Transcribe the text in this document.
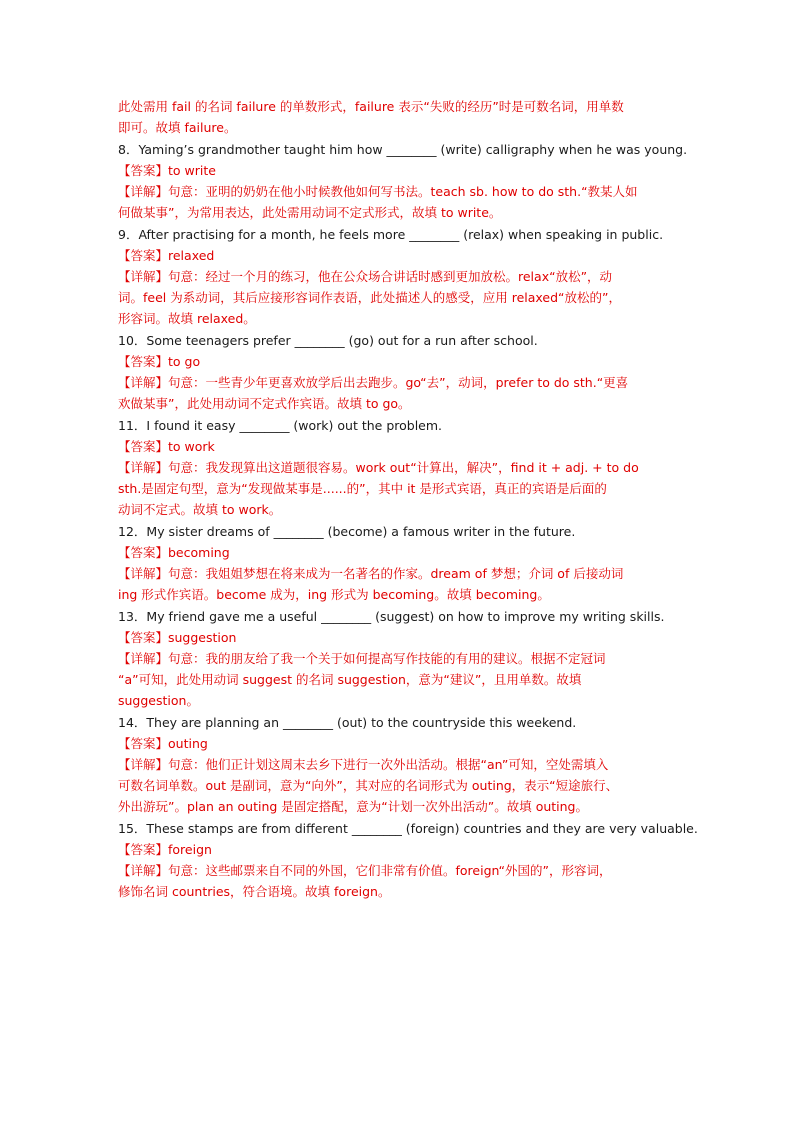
此处需用 fail 的名词 failure 的单数形式，failure 表示“失败的经历”时是可数名词，用单数
即可。故填 failure。
8．Yaming’s grandmother taught him how ________ (write) calligraphy when he was young.
【答案】to write
【详解】句意：亚明的奶奶在他小时候教他如何写书法。teach sb. how to do sth.“教某人如
何做某事”，为常用表达，此处需用动词不定式形式，故填 to write。
9．After practising for a month, he feels more ________ (relax) when speaking in public.
【答案】relaxed
【详解】句意：经过一个月的练习，他在公众场合讲话时感到更加放松。relax“放松”，动
词。feel 为系动词，其后应接形容词作表语，此处描述人的感受，应用 relaxed“放松的”，
形容词。故填 relaxed。
10．Some teenagers prefer ________ (go) out for a run after school.
【答案】to go
【详解】句意：一些青少年更喜欢放学后出去跑步。go“去”，动词，prefer to do sth.“更喜
欢做某事”，此处用动词不定式作宾语。故填 to go。
11．I found it easy ________ (work) out the problem.
【答案】to work
【详解】句意：我发现算出这道题很容易。work out“计算出，解决”，find it + adj. + to do
sth.是固定句型，意为“发现做某事是......的”，其中 it 是形式宾语，真正的宾语是后面的
动词不定式。故填 to work。
12．My sister dreams of ________ (become) a famous writer in the future.
【答案】becoming
【详解】句意：我姐姐梦想在将来成为一名著名的作家。dream of 梦想；介词 of 后接动词
ing 形式作宾语。become 成为，ing 形式为 becoming。故填 becoming。
13．My friend gave me a useful ________ (suggest) on how to improve my writing skills.
【答案】suggestion
【详解】句意：我的朋友给了我一个关于如何提高写作技能的有用的建议。根据不定冠词
“a”可知，此处用动词 suggest 的名词 suggestion，意为“建议”，且用单数。故填
suggestion。
14．They are planning an ________ (out) to the countryside this weekend.
【答案】outing
【详解】句意：他们正计划这周末去乡下进行一次外出活动。根据“an”可知，空处需填入
可数名词单数。out 是副词，意为“向外”，其对应的名词形式为 outing，表示“短途旅行、
外出游玩”。plan an outing 是固定搭配，意为“计划一次外出活动”。故填 outing。
15．These stamps are from different ________ (foreign) countries and they are very valuable.
【答案】foreign
【详解】句意：这些邮票来自不同的外国，它们非常有价值。foreign“外国的”，形容词，
修饰名词 countries，符合语境。故填 foreign。
